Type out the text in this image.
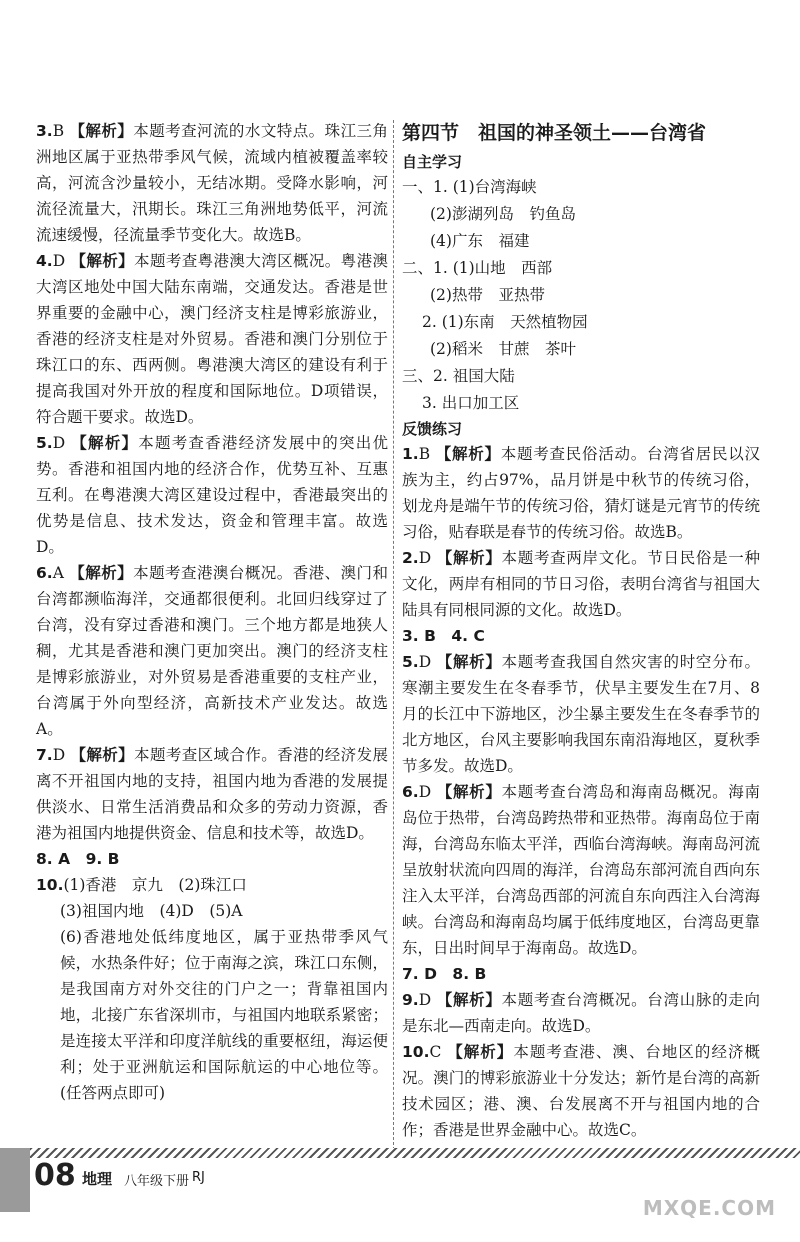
3.B 【解析】本题考查河流的水文特点。珠江三角洲地区属于亚热带季风气候，流域内植被覆盖率较高，河流含沙量较小，无结冰期。受降水影响，河流径流量大，汛期长。珠江三角洲地势低平，河流流速缓慢，径流量季节变化大。故选B。

4.D 【解析】本题考查粤港澳大湾区概况。粤港澳大湾区地处中国大陆东南端，交通发达。香港是世界重要的金融中心，澳门经济支柱是博彩旅游业，香港的经济支柱是对外贸易。香港和澳门分别位于珠江口的东、西两侧。粤港澳大湾区的建设有利于提高我国对外开放的程度和国际地位。D项错误，符合题干要求。故选D。

5.D 【解析】本题考查香港经济发展中的突出优势。香港和祖国内地的经济合作，优势互补、互惠互利。在粤港澳大湾区建设过程中，香港最突出的优势是信息、技术发达，资金和管理丰富。故选D。

6.A 【解析】本题考查港澳台概况。香港、澳门和台湾都濒临海洋，交通都很便利。北回归线穿过了台湾，没有穿过香港和澳门。三个地方都是地狭人稠，尤其是香港和澳门更加突出。澳门的经济支柱是博彩旅游业，对外贸易是香港重要的支柱产业，台湾属于外向型经济，高新技术产业发达。故选A。

7.D 【解析】本题考查区域合作。香港的经济发展离不开祖国内地的支持，祖国内地为香港的发展提供淡水、日常生活消费品和众多的劳动力资源，香港为祖国内地提供资金、信息和技术等，故选D。

8. A　9. B

10.(1)香港　京九　(2)珠江口

(3)祖国内地　(4)D　(5)A

(6)香港地处低纬度地区，属于亚热带季风气候，水热条件好；位于南海之滨，珠江口东侧，是我国南方对外交往的门户之一；背靠祖国内地，北接广东省深圳市，与祖国内地联系紧密；是连接太平洋和印度洋航线的重要枢纽，海运便利；处于亚洲航运和国际航运的中心地位等。(任答两点即可)

第四节　祖国的神圣领土——台湾省

自主学习

一、1. (1)台湾海峡

(2)澎湖列岛　钓鱼岛

(4)广东　福建

二、1. (1)山地　西部

(2)热带　亚热带

2. (1)东南　天然植物园

(2)稻米　甘蔗　茶叶

三、2. 祖国大陆

3. 出口加工区

反馈练习

1.B 【解析】本题考查民俗活动。台湾省居民以汉族为主，约占97%，品月饼是中秋节的传统习俗，划龙舟是端午节的传统习俗，猜灯谜是元宵节的传统习俗，贴春联是春节的传统习俗。故选B。

2.D 【解析】本题考查两岸文化。节日民俗是一种文化，两岸有相同的节日习俗，表明台湾省与祖国大陆具有同根同源的文化。故选D。

3. B　4. C

5.D 【解析】本题考查我国自然灾害的时空分布。寒潮主要发生在冬春季节，伏旱主要发生在7月、8月的长江中下游地区，沙尘暴主要发生在冬春季节的北方地区，台风主要影响我国东南沿海地区，夏秋季节多发。故选D。

6.D 【解析】本题考查台湾岛和海南岛概况。海南岛位于热带，台湾岛跨热带和亚热带。海南岛位于南海，台湾岛东临太平洋，西临台湾海峡。海南岛河流呈放射状流向四周的海洋，台湾岛东部河流自西向东注入太平洋，台湾岛西部的河流自东向西注入台湾海峡。台湾岛和海南岛均属于低纬度地区，台湾岛更靠东，日出时间早于海南岛。故选D。

7. D　8. B

9.D 【解析】本题考查台湾概况。台湾山脉的走向是东北—西南走向。故选D。

10.C 【解析】本题考查港、澳、台地区的经济概况。澳门的博彩旅游业十分发达；新竹是台湾的高新技术园区；港、澳、台发展离不开与祖国内地的合作；香港是世界金融中心。故选C。

08 地理 八年级下册 RJ
MXQE.COM
